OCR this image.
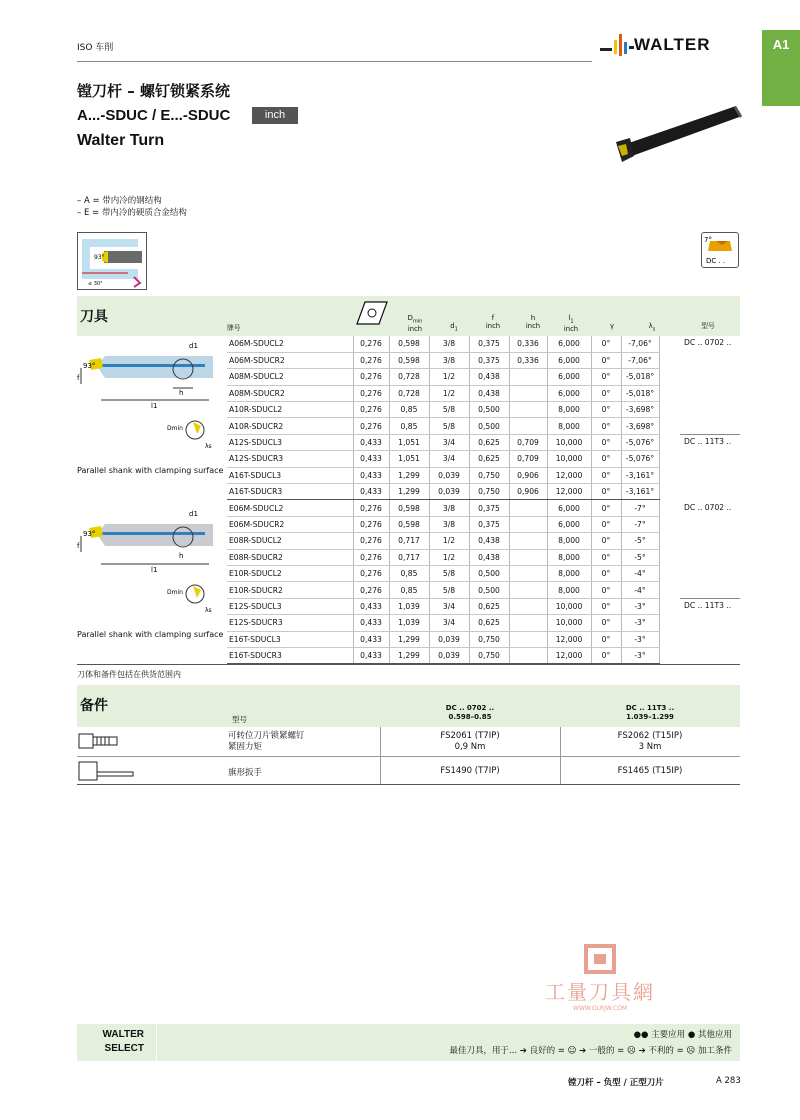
ISO 车削	WALTER	A1
镗刀杆 – 螺钉锁紧系统
A...-SDUC / E...-SDUC	inch
Walter Turn
– A = 带内冷的钢结构
– E = 带内冷的硬质合金结构
93°
≤ 30°
7°
DC . .
刀具
牌号
$D_{min}$
inch	$d_1$
f
inch
h
inch
$l_1$
inch	γ	$\lambda_s$	型号
A06M-SDUCL2	0,276	0,598	3/8	0,375	0,336	6,000	0°	-7,06°
A06M-SDUCR2	0,276	0,598	3/8	0,375	0,336	6,000	0°	-7,06°
A08M-SDUCL2	0,276	0,728	1/2	0,438		6,000	0°	-5,018°
A08M-SDUCR2	0,276	0,728	1/2	0,438		6,000	0°	-5,018°
A10R-SDUCL2	0,276	0,85	5/8	0,500		8,000	0°	-3,698°
A10R-SDUCR2	0,276	0,85	5/8	0,500		8,000	0°	-3,698°
A12S-SDUCL3	0,433	1,051	3/4	0,625	0,709	10,000	0°	-5,076°
A12S-SDUCR3	0,433	1,051	3/4	0,625	0,709	10,000	0°	-5,076°
A16T-SDUCL3	0,433	1,299	0,039	0,750	0,906	12,000	0°	-3,161°
A16T-SDUCR3	0,433	1,299	0,039	0,750	0,906	12,000	0°	-3,161°
E06M-SDUCL2	0,276	0,598	3/8	0,375		6,000	0°	-7°
E06M-SDUCR2	0,276	0,598	3/8	0,375		6,000	0°	-7°
E08R-SDUCL2	0,276	0,717	1/2	0,438		8,000	0°	-5°
E08R-SDUCR2	0,276	0,717	1/2	0,438		8,000	0°	-5°
E10R-SDUCL2	0,276	0,85	5/8	0,500		8,000	0°	-4°
E10R-SDUCR2	0,276	0,85	5/8	0,500		8,000	0°	-4°
E12S-SDUCL3	0,433	1,039	3/4	0,625		10,000	0°	-3°
E12S-SDUCR3	0,433	1,039	3/4	0,625		10,000	0°	-3°
E16T-SDUCL3	0,433	1,299	0,039	0,750		12,000	0°	-3°
E16T-SDUCR3	0,433	1,299	0,039	0,750		12,000	0°	-3°
DC .. 0702 ..
DC .. 11T3 ..
DC .. 0702 ..
DC .. 11T3 ..
93°
f
d1
h
l1
Dmin
λs
Parallel shank with clamping surface
93°
f
d1
h
l1
Dmin
λs
Parallel shank with clamping surface
刀体和备件包括在供货范围内
备件
型号
DC .. 0702 ..
0.598–0.85
DC .. 11T3 ..
1.039–1.299
可转位刀片锁紧螺钉
紧固力矩
FS2061 (T7IP)
0,9 Nm
FS2062 (T15IP)
3 Nm
旗形扳手	FS1490 (T7IP)	FS1465 (T15IP)
工量刀具網
WWW.GLRJW.COM
WALTER
SELECT
●● 主要应用 ● 其他应用
最佳刀具，用于... ➔ 良好的 = ☺ ➔ 一般的 = ☹ ➔ 不利的 = ☹ 加工条件
镗刀杆 – 负型 / 正型刀片	A 283
